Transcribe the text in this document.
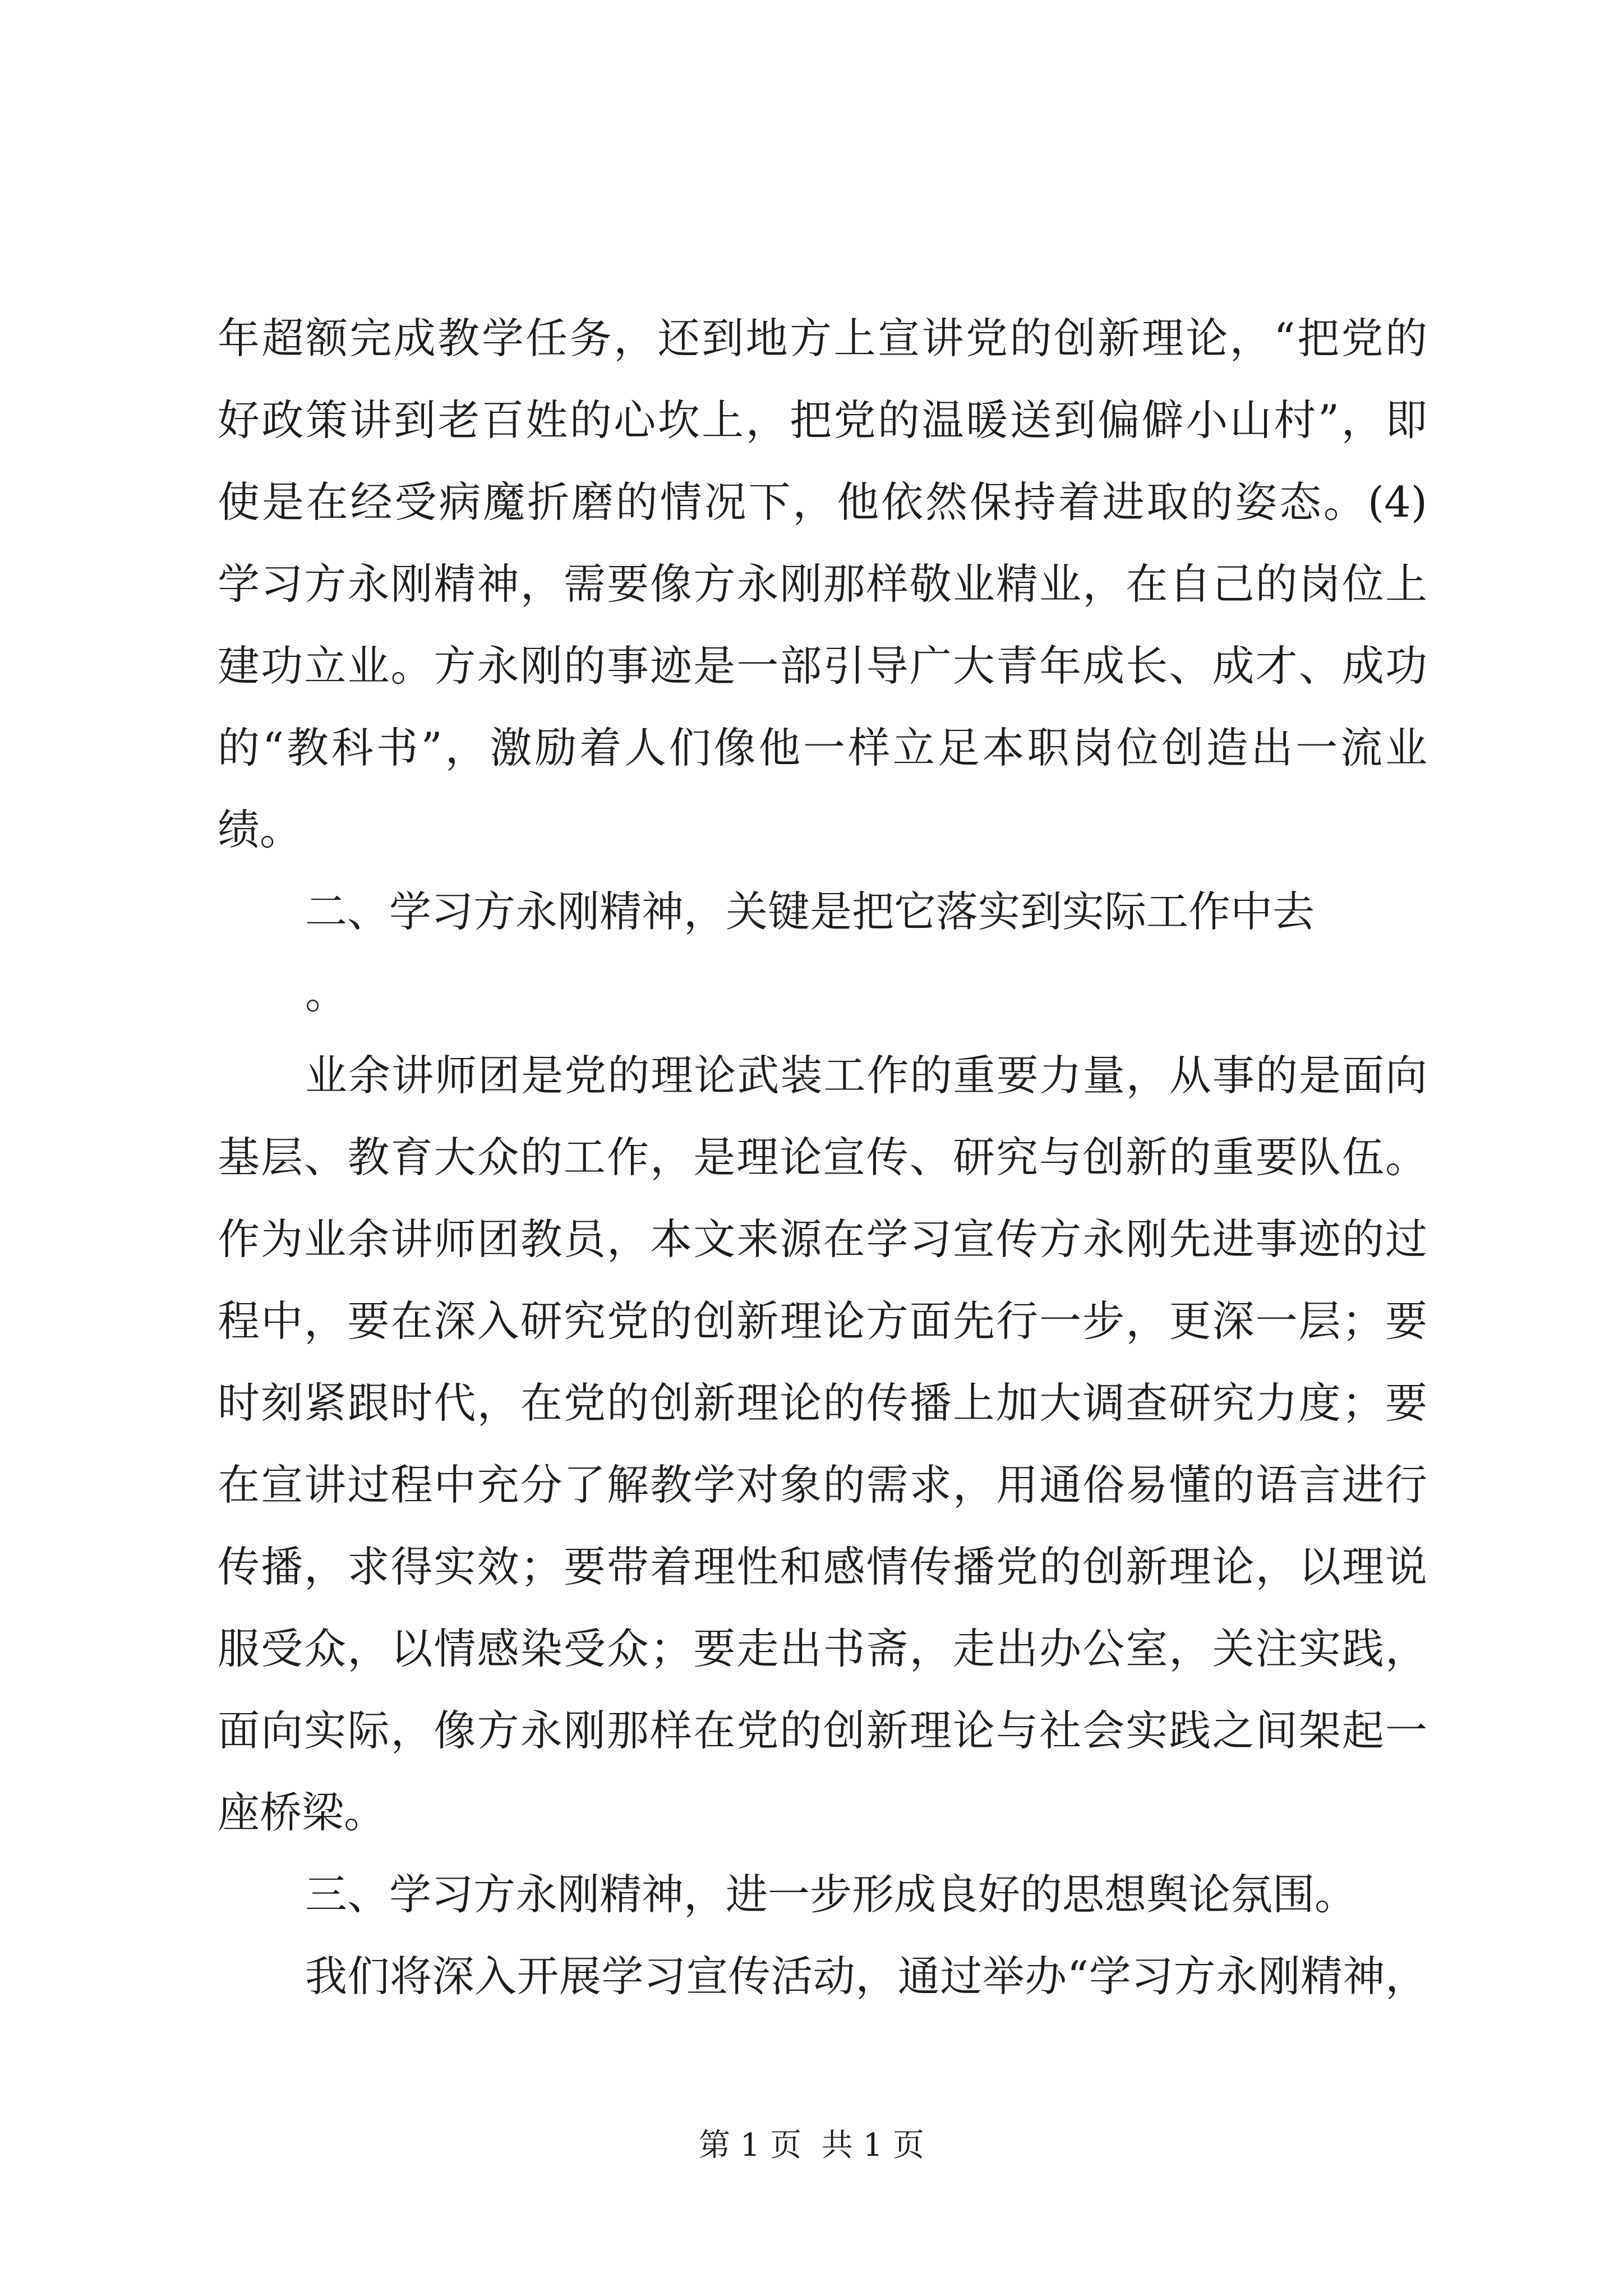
年超额完成教学任务，还到地方上宣讲党的创新理论，“把党的
好政策讲到老百姓的心坎上，把党的温暖送到偏僻小山村”，即
使是在经受病魔折磨的情况下，他依然保持着进取的姿态。(4)
学习方永刚精神，需要像方永刚那样敬业精业，在自己的岗位上
建功立业。方永刚的事迹是一部引导广大青年成长、成才、成功
的“教科书”，激励着人们像他一样立足本职岗位创造出一流业
绩。
二、学习方永刚精神，关键是把它落实到实际工作中去
。
业余讲师团是党的理论武装工作的重要力量，从事的是面向
基层、教育大众的工作，是理论宣传、研究与创新的重要队伍。
作为业余讲师团教员，本文来源在学习宣传方永刚先进事迹的过
程中，要在深入研究党的创新理论方面先行一步，更深一层；要
时刻紧跟时代，在党的创新理论的传播上加大调查研究力度；要
在宣讲过程中充分了解教学对象的需求，用通俗易懂的语言进行
传播，求得实效；要带着理性和感情传播党的创新理论，以理说
服受众，以情感染受众；要走出书斋，走出办公室，关注实践，
面向实际，像方永刚那样在党的创新理论与社会实践之间架起一
座桥梁。
三、学习方永刚精神，进一步形成良好的思想舆论氛围。
我们将深入开展学习宣传活动，通过举办“学习方永刚精神，
第 1 页  共 1 页
